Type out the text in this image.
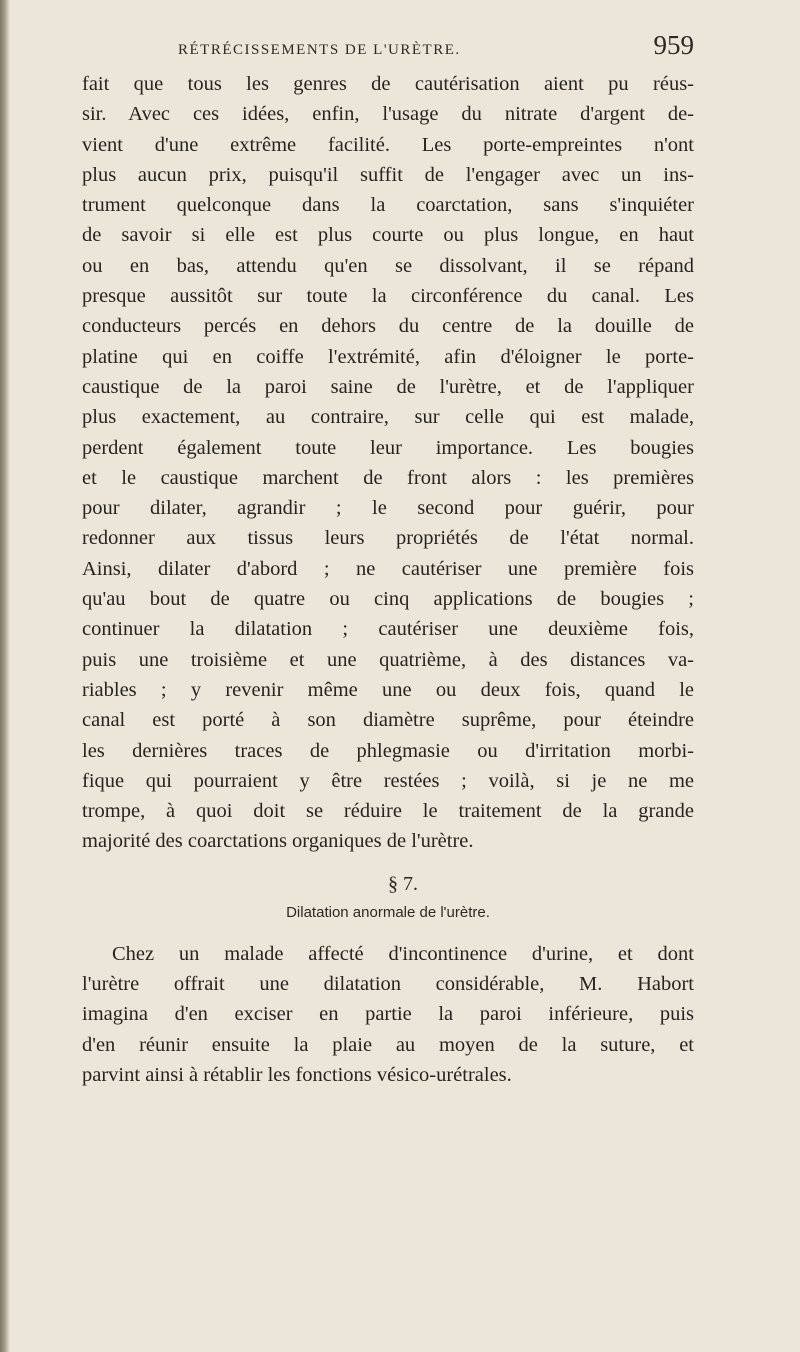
RÉTRÉCISSEMENTS DE L'URÈTRE.	959
fait que tous les genres de cautérisation aient pu réus-
sir. Avec ces idées, enfin, l'usage du nitrate d'argent de-
vient d'une extrême facilité. Les porte-empreintes n'ont
plus aucun prix, puisqu'il suffit de l'engager avec un ins-
trument quelconque dans la coarctation, sans s'inquiéter
de savoir si elle est plus courte ou plus longue, en haut
ou en bas, attendu qu'en se dissolvant, il se répand
presque aussitôt sur toute la circonférence du canal. Les
conducteurs percés en dehors du centre de la douille de
platine qui en coiffe l'extrémité, afin d'éloigner le porte-
caustique de la paroi saine de l'urètre, et de l'appliquer
plus exactement, au contraire, sur celle qui est malade,
perdent également toute leur importance. Les bougies
et le caustique marchent de front alors : les premières
pour dilater, agrandir ; le second pour guérir, pour
redonner aux tissus leurs propriétés de l'état normal.
Ainsi, dilater d'abord ; ne cautériser une première fois
qu'au bout de quatre ou cinq applications de bougies ;
continuer la dilatation ; cautériser une deuxième fois,
puis une troisième et une quatrième, à des distances va-
riables ; y revenir même une ou deux fois, quand le
canal est porté à son diamètre suprême, pour éteindre
les dernières traces de phlegmasie ou d'irritation morbi-
fique qui pourraient y être restées ; voilà, si je ne me
trompe, à quoi doit se réduire le traitement de la grande
majorité des coarctations organiques de l'urètre.
§ 7.
Dilatation anormale de l'urètre.
Chez un malade affecté d'incontinence d'urine, et dont
l'urètre offrait une dilatation considérable, M. Habort
imagina d'en exciser en partie la paroi inférieure, puis
d'en réunir ensuite la plaie au moyen de la suture, et
parvint ainsi à rétablir les fonctions vésico-urétrales.
